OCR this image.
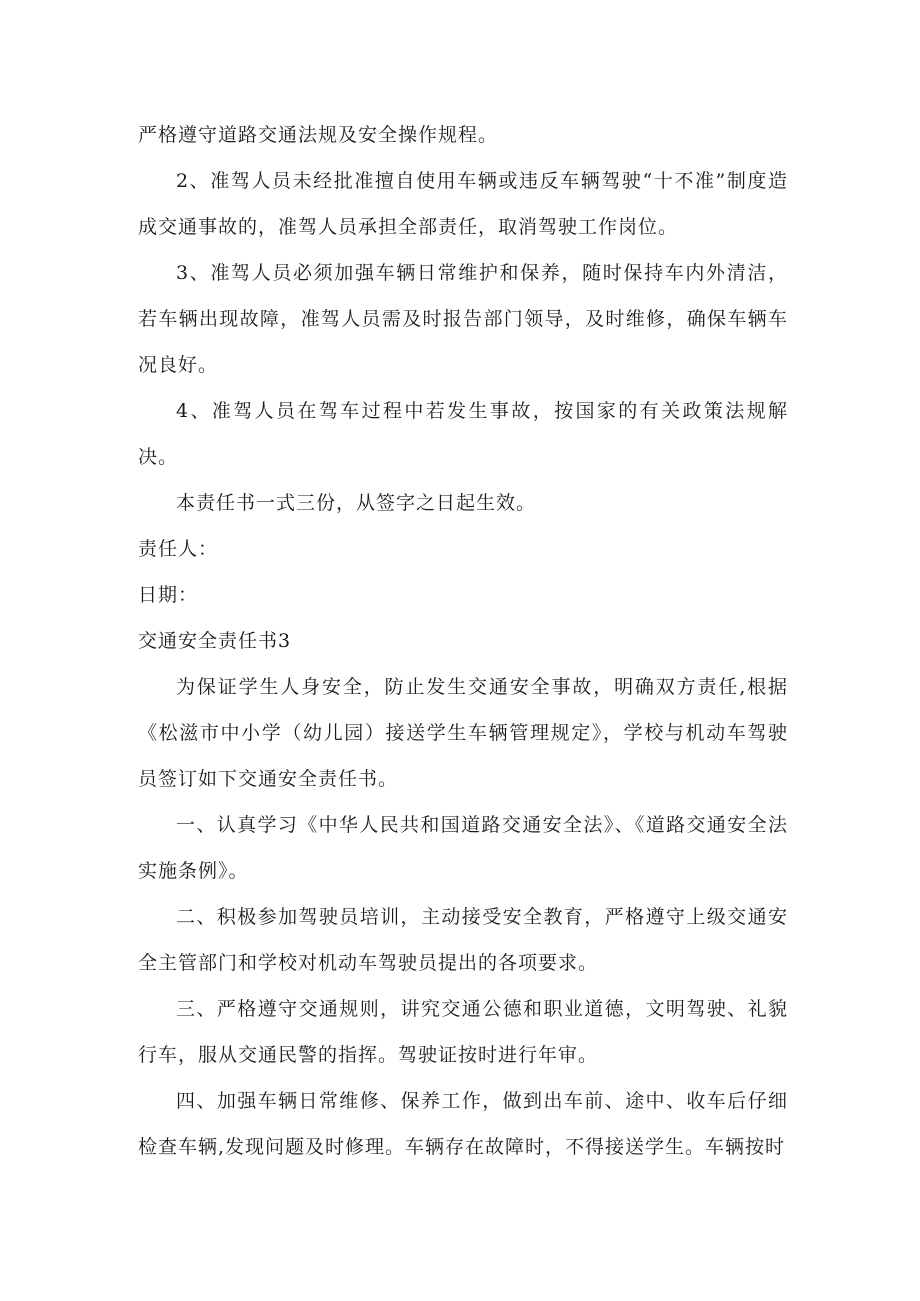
严格遵守道路交通法规及安全操作规程。

2、准驾人员未经批准擅自使用车辆或违反车辆驾驶“十不准”制度造成交通事故的，准驾人员承担全部责任，取消驾驶工作岗位。

3、准驾人员必须加强车辆日常维护和保养，随时保持车内外清洁，若车辆出现故障，准驾人员需及时报告部门领导，及时维修，确保车辆车况良好。

4、准驾人员在驾车过程中若发生事故，按国家的有关政策法规解决。

本责任书一式三份，从签字之日起生效。

责任人：

日期：

交通安全责任书3

为保证学生人身安全，防止发生交通安全事故，明确双方责任,根据《松滋市中小学（幼儿园）接送学生车辆管理规定》，学校与机动车驾驶员签订如下交通安全责任书。

一、认真学习《中华人民共和国道路交通安全法》、《道路交通安全法实施条例》。

二、积极参加驾驶员培训，主动接受安全教育，严格遵守上级交通安全主管部门和学校对机动车驾驶员提出的各项要求。

三、严格遵守交通规则，讲究交通公德和职业道德，文明驾驶、礼貌行车，服从交通民警的指挥。驾驶证按时进行年审。

四、加强车辆日常维修、保养工作，做到出车前、途中、收车后仔细检查车辆,发现问题及时修理。车辆存在故障时，不得接送学生。车辆按时
